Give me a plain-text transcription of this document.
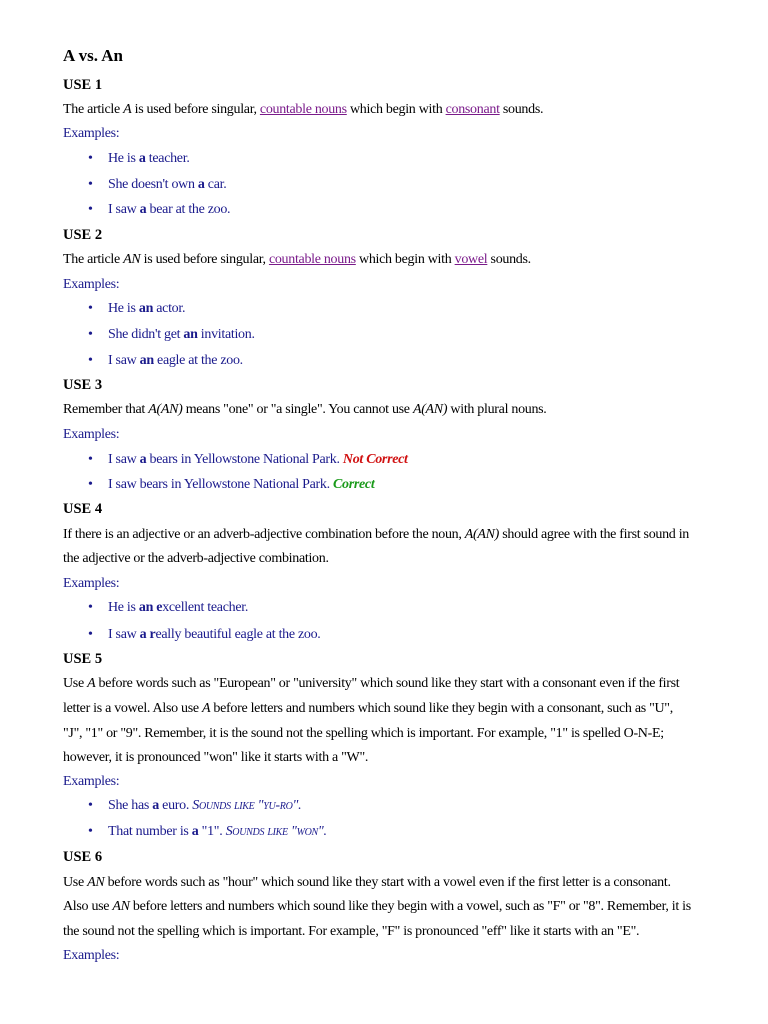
A vs. An

USE 1

The article A is used before singular, countable nouns which begin with consonant sounds.

Examples:

• He is a teacher.

• She doesn't own a car.

• I saw a bear at the zoo.

USE 2

The article AN is used before singular, countable nouns which begin with vowel sounds.

Examples:

• He is an actor.

• She didn't get an invitation.

• I saw an eagle at the zoo.

USE 3

Remember that A(AN) means "one" or "a single". You cannot use A(AN) with plural nouns.

Examples:

• I saw a bears in Yellowstone National Park. Not Correct

• I saw bears in Yellowstone National Park. Correct

USE 4

If there is an adjective or an adverb-adjective combination before the noun, A(AN) should agree with the first sound in

the adjective or the adverb-adjective combination.

Examples:

• He is an excellent teacher.

• I saw a really beautiful eagle at the zoo.

USE 5

Use A before words such as "European" or "university" which sound like they start with a consonant even if the first

letter is a vowel. Also use A before letters and numbers which sound like they begin with a consonant, such as "U",

"J", "1" or "9". Remember, it is the sound not the spelling which is important. For example, "1" is spelled O-N-E;

however, it is pronounced "won" like it starts with a "W".

Examples:

• She has a euro. Sounds like "yu-ro".

• That number is a "1". Sounds like "won".

USE 6

Use AN before words such as "hour" which sound like they start with a vowel even if the first letter is a consonant.

Also use AN before letters and numbers which sound like they begin with a vowel, such as "F" or "8". Remember, it is

the sound not the spelling which is important. For example, "F" is pronounced "eff" like it starts with an "E".

Examples:
